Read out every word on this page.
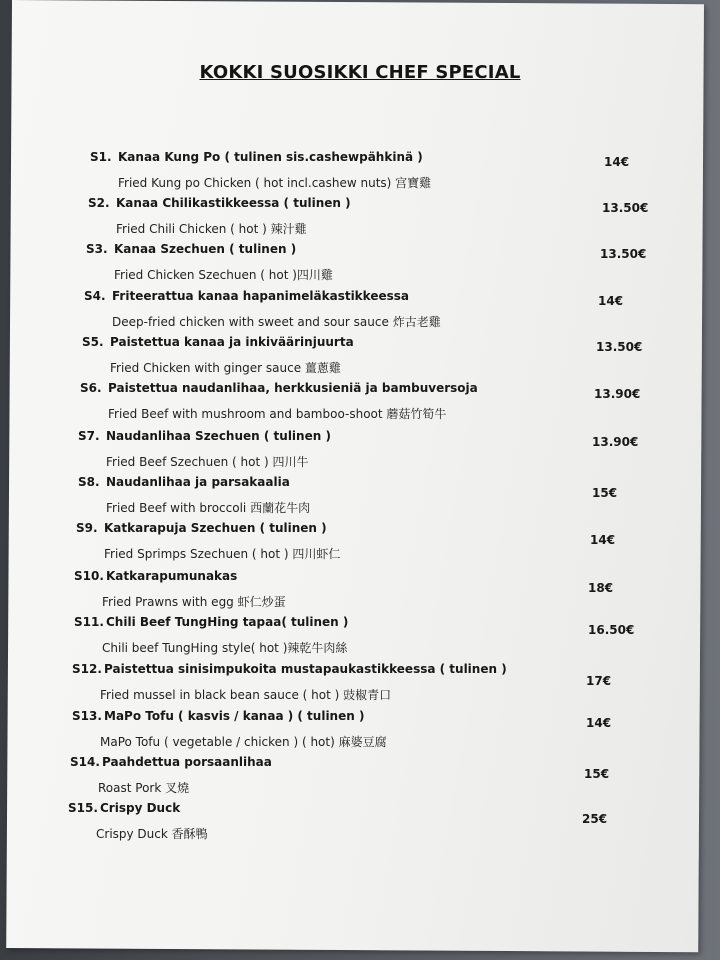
KOKKI SUOSIKKI CHEF SPECIAL
S1. Kanaa Kung Po ( tulinen sis.cashewpähkinä )
Fried Kung po Chicken ( hot incl.cashew nuts) 宫寶雞
14€
S2. Kanaa Chilikastikkeessa ( tulinen )
Fried Chili Chicken ( hot ) 辣汁雞
13.50€
S3. Kanaa Szechuen ( tulinen )
Fried Chicken Szechuen ( hot )四川雞
13.50€
S4. Friteerattua kanaa hapanimeläkastikkeessa
Deep-fried chicken with sweet and sour sauce 炸古老雞
14€
S5. Paistettua kanaa ja inkiväärinjuurta
Fried Chicken with ginger sauce 薑蔥雞
13.50€
S6. Paistettua naudanlihaa, herkkusieniä ja bambuversoja
Fried Beef with mushroom and bamboo-shoot 蘑菇竹筍牛
13.90€
S7. Naudanlihaa Szechuen ( tulinen )
Fried Beef Szechuen ( hot ) 四川牛
13.90€
S8. Naudanlihaa ja parsakaalia
Fried Beef with broccoli 西蘭花牛肉
15€
S9. Katkarapuja Szechuen ( tulinen )
Fried Sprimps Szechuen ( hot ) 四川虾仁
14€
S10. Katkarapumunakas
Fried Prawns with egg 虾仁炒蛋
18€
S11. Chili Beef TungHing tapaa( tulinen )
Chili beef TungHing style( hot )辣乾牛肉絲
16.50€
S12. Paistettua sinisimpukoita mustapaukastikkeessa ( tulinen )
Fried mussel in black bean sauce ( hot ) 豉椒青口
17€
S13. MaPo Tofu ( kasvis / kanaa ) ( tulinen )
MaPo Tofu ( vegetable / chicken ) ( hot) 麻婆豆腐
14€
S14. Paahdettua porsaanlihaa
Roast Pork 叉燒
15€
S15. Crispy Duck
Crispy Duck 香酥鴨
25€
